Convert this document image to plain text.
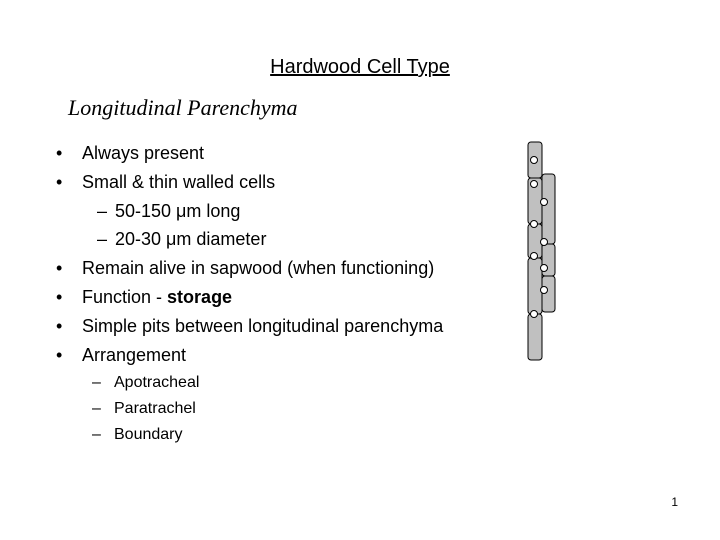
Hardwood Cell Type
Longitudinal Parenchyma
• Always present
• Small & thin walled cells
– 50-150 μm long
– 20-30 μm diameter
• Remain alive in sapwood (when functioning)
• Function - storage
• Simple pits between longitudinal parenchyma
• Arrangement
– Apotracheal
– Paratrachel
– Boundary
1
